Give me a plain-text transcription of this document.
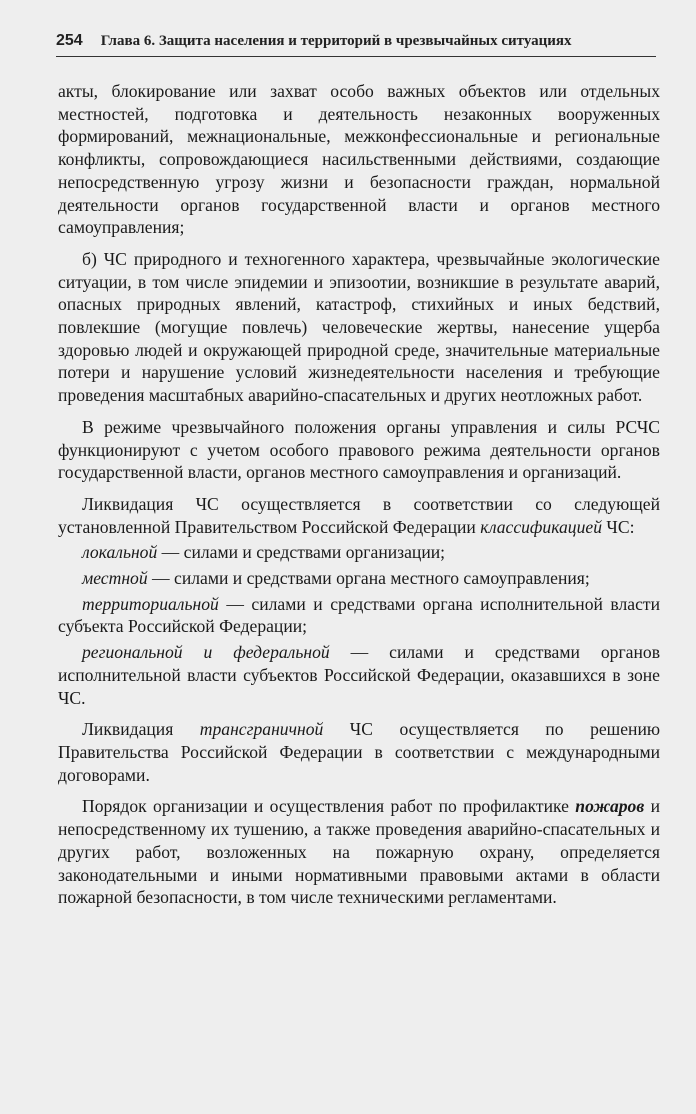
254 Глава 6. Защита населения и территорий в чрезвычайных ситуациях

акты, блокирование или захват особо важных объектов или отдельных местностей, подготовка и деятельность незаконных вооруженных формирований, межнациональные, межконфессиональные и региональные конфликты, сопровождающиеся насильственными действиями, создающие непосредственную угрозу жизни и безопасности граждан, нормальной деятельности органов государственной власти и органов местного самоуправления;

б) ЧС природного и техногенного характера, чрезвычайные экологические ситуации, в том числе эпидемии и эпизоотии, возникшие в результате аварий, опасных природных явлений, катастроф, стихийных и иных бедствий, повлекшие (могущие повлечь) человеческие жертвы, нанесение ущерба здоровью людей и окружающей природной среде, значительные материальные потери и нарушение условий жизнедеятельности населения и требующие проведения масштабных аварийно-спасательных и других неотложных работ.

В режиме чрезвычайного положения органы управления и силы РСЧС функционируют с учетом особого правового режима деятельности органов государственной власти, органов местного самоуправления и организаций.

Ликвидация ЧС осуществляется в соответствии со следующей установленной Правительством Российской Федерации классификацией ЧС:

локальной — силами и средствами организации;

местной — силами и средствами органа местного самоуправления;

территориальной — силами и средствами органа исполнительной власти субъекта Российской Федерации;

региональной и федеральной — силами и средствами органов исполнительной власти субъектов Российской Федерации, оказавшихся в зоне ЧС.

Ликвидация трансграничной ЧС осуществляется по решению Правительства Российской Федерации в соответствии с международными договорами.

Порядок организации и осуществления работ по профилактике пожаров и непосредственному их тушению, а также проведения аварийно-спасательных и других работ, возложенных на пожарную охрану, определяется законодательными и иными нормативными правовыми актами в области пожарной безопасности, в том числе техническими регламентами.
